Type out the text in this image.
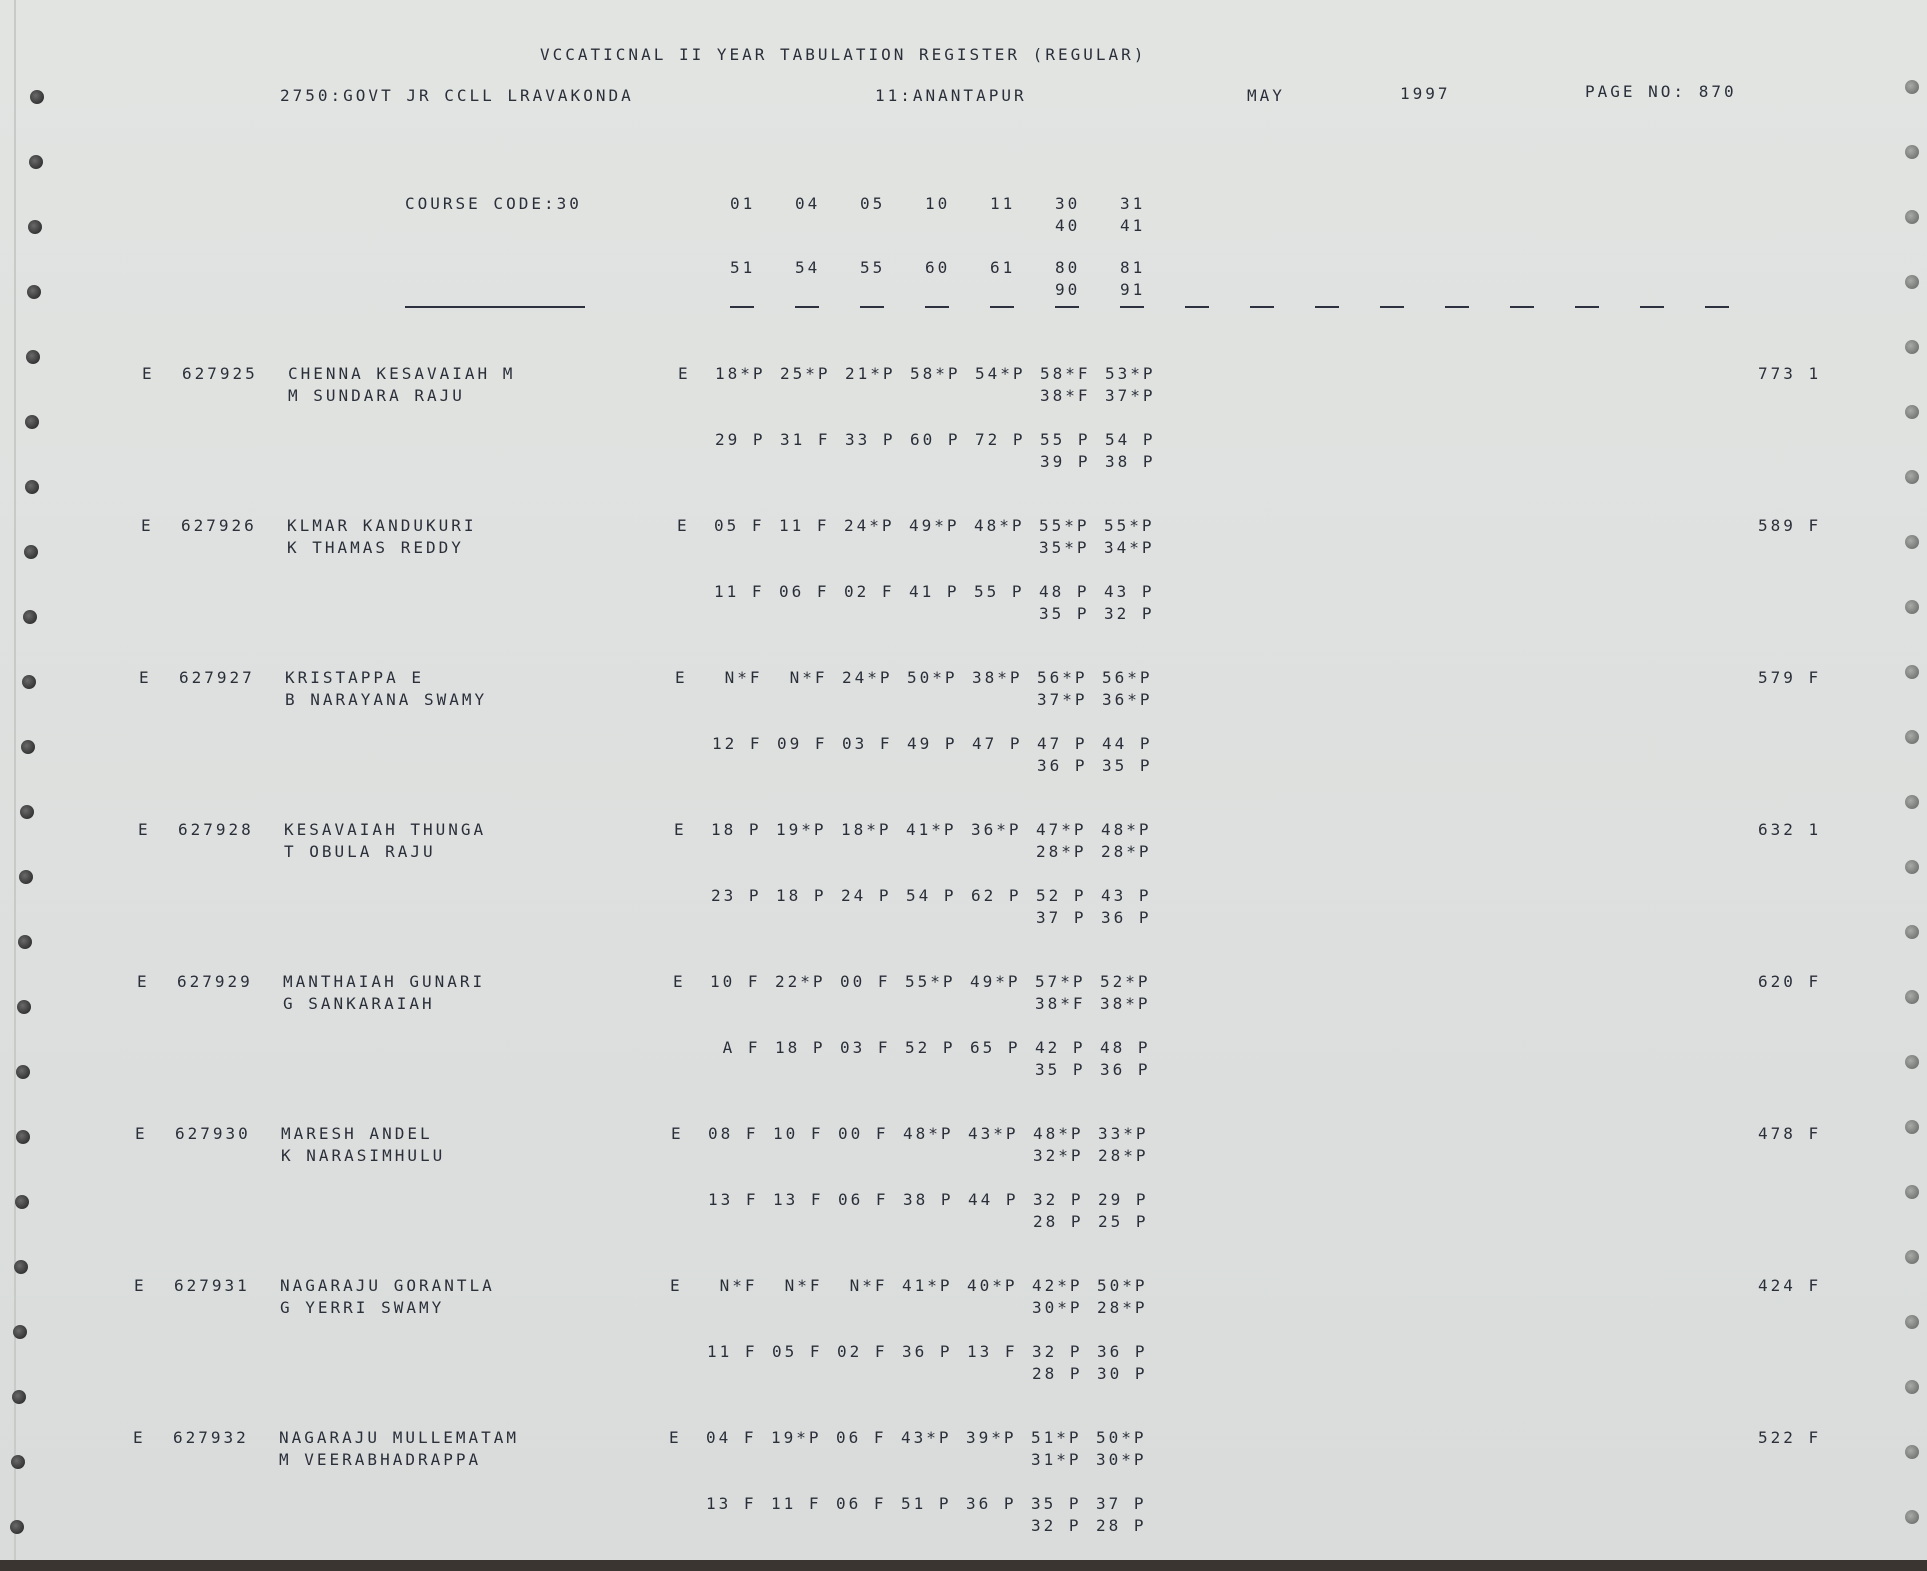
VCCATICNAL II YEAR TABULATION REGISTER (REGULAR)
2750:GOVT JR CCLL LRAVAKONDA	11:ANANTAPUR	MAY	1997	PAGE NO: 870
COURSE CODE:30	01 04 05 10 11 30 31
40 41
51 54 55 60 61 80 81
90 91
E 627925 CHENNA KESAVAIAH M
M SUNDARA RAJU
E 18*P 25*P 21*P 58*P 54*P 58*F 53*P
38*F 37*P
29 P 31 F 33 P 60 P 72 P 55 P 54 P
39 P 38 P
773 1
E 627926 KLMAR KANDUKURI
K THAMAS REDDY
E 05 F 11 F 24*P 49*P 48*P 55*P 55*P
35*P 34*P
11 F 06 F 02 F 41 P 55 P 48 P 43 P
35 P 32 P
589 F
E 627927 KRISTAPPA E
B NARAYANA SWAMY
E N*F N*F 24*P 50*P 38*P 56*P 56*P
37*P 36*P
12 F 09 F 03 F 49 P 47 P 47 P 44 P
36 P 35 P
579 F
E 627928 KESAVAIAH THUNGA
T OBULA RAJU
E 18 P 19*P 18*P 41*P 36*P 47*P 48*P
28*P 28*P
23 P 18 P 24 P 54 P 62 P 52 P 43 P
37 P 36 P
632 1
E 627929 MANTHAIAH GUNARI
G SANKARAIAH
E 10 F 22*P 00 F 55*P 49*P 57*P 52*P
38*F 38*P
A F 18 P 03 F 52 P 65 P 42 P 48 P
35 P 36 P
620 F
E 627930 MARESH ANDEL
K NARASIMHULU
E 08 F 10 F 00 F 48*P 43*P 48*P 33*P
32*P 28*P
13 F 13 F 06 F 38 P 44 P 32 P 29 P
28 P 25 P
478 F
E 627931 NAGARAJU GORANTLA
G YERRI SWAMY
E N*F N*F N*F 41*P 40*P 42*P 50*P
30*P 28*P
11 F 05 F 02 F 36 P 13 F 32 P 36 P
28 P 30 P
424 F
E 627932 NAGARAJU MULLEMATAM
M VEERABHADRAPPA
E 04 F 19*P 06 F 43*P 39*P 51*P 50*P
31*P 30*P
13 F 11 F 06 F 51 P 36 P 35 P 37 P
32 P 28 P
522 F
